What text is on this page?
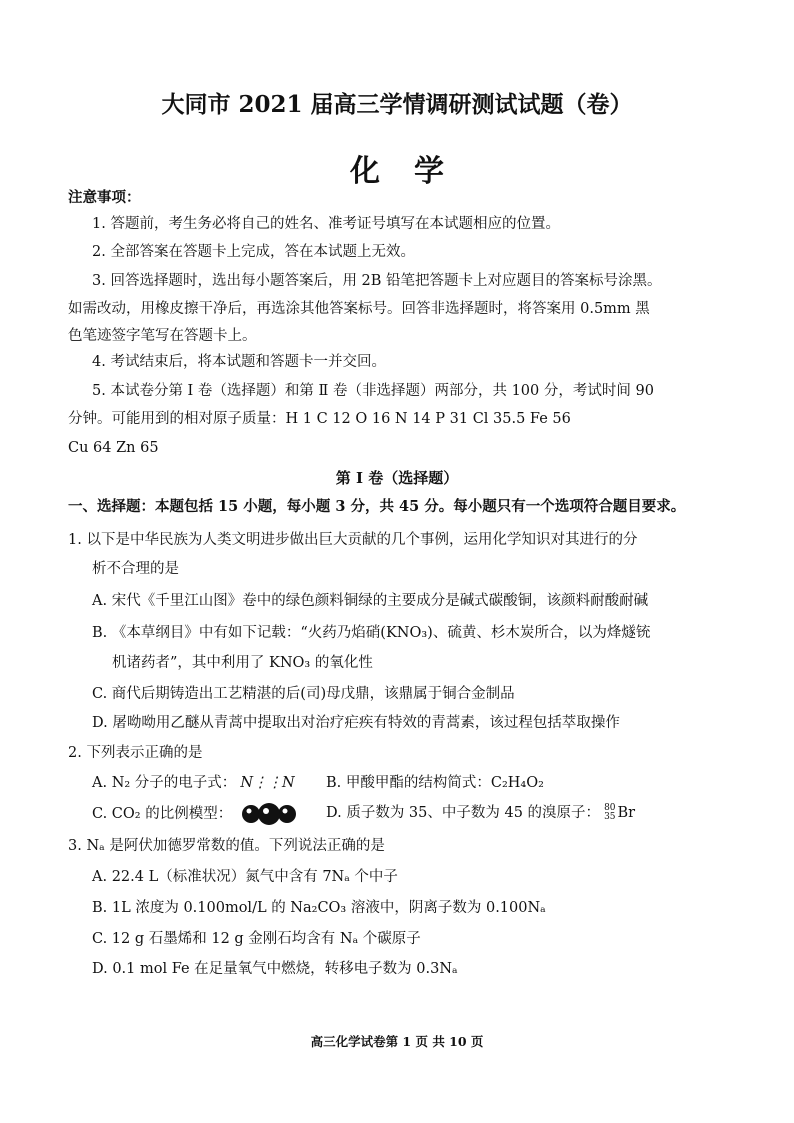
大同市 2021 届高三学情调研测试试题（卷）
化学
注意事项：
1. 答题前，考生务必将自己的姓名、准考证号填写在本试题相应的位置。
2. 全部答案在答题卡上完成，答在本试题上无效。
3. 回答选择题时，选出每小题答案后，用 2B 铅笔把答题卡上对应题目的答案标号涂黑。
如需改动，用橡皮擦干净后，再选涂其他答案标号。回答非选择题时，将答案用 0.5mm 黑
色笔迹签字笔写在答题卡上。
4. 考试结束后，将本试题和答题卡一并交回。
5. 本试卷分第 Ⅰ 卷（选择题）和第 Ⅱ 卷（非选择题）两部分，共 100 分，考试时间 90
分钟。可能用到的相对原子质量：H 1 C 12 O 16 N 14 P 31 Cl 35.5 Fe 56
Cu 64 Zn 65
第 Ⅰ 卷（选择题）
一、选择题：本题包括 15 小题，每小题 3 分，共 45 分。每小题只有一个选项符合题目要求。
1. 以下是中华民族为人类文明进步做出巨大贡献的几个事例，运用化学知识对其进行的分
析不合理的是
A. 宋代《千里江山图》卷中的绿色颜料铜绿的主要成分是碱式碳酸铜，该颜料耐酸耐碱
B. 《本草纲目》中有如下记载：“火药乃焰硝(KNO₃)、硫黄、杉木炭所合，以为烽燧铳
机诸药者”，其中利用了 KNO₃ 的氧化性
C. 商代后期铸造出工艺精湛的后(司)母戊鼎，该鼎属于铜合金制品
D. 屠呦呦用乙醚从青蒿中提取出对治疗疟疾有特效的青蒿素，该过程包括萃取操作
2. 下列表示正确的是
A. N₂ 分子的电子式： N⋮⋮N B. 甲酸甲酯的结构简式：C₂H₄O₂
C. CO₂ 的比例模型：	D. 质子数为 35、中子数为 45 的溴原子： 80
35 Br
3. Nₐ 是阿伏加德罗常数的值。下列说法正确的是
A. 22.4 L（标准状况）氮气中含有 7Nₐ 个中子
B. 1L 浓度为 0.100mol/L 的 Na₂CO₃ 溶液中，阴离子数为 0.100Nₐ
C. 12 g 石墨烯和 12 g 金刚石均含有 Nₐ 个碳原子
D. 0.1 mol Fe 在足量氧气中燃烧，转移电子数为 0.3Nₐ
高三化学试卷第 1 页 共 10 页
